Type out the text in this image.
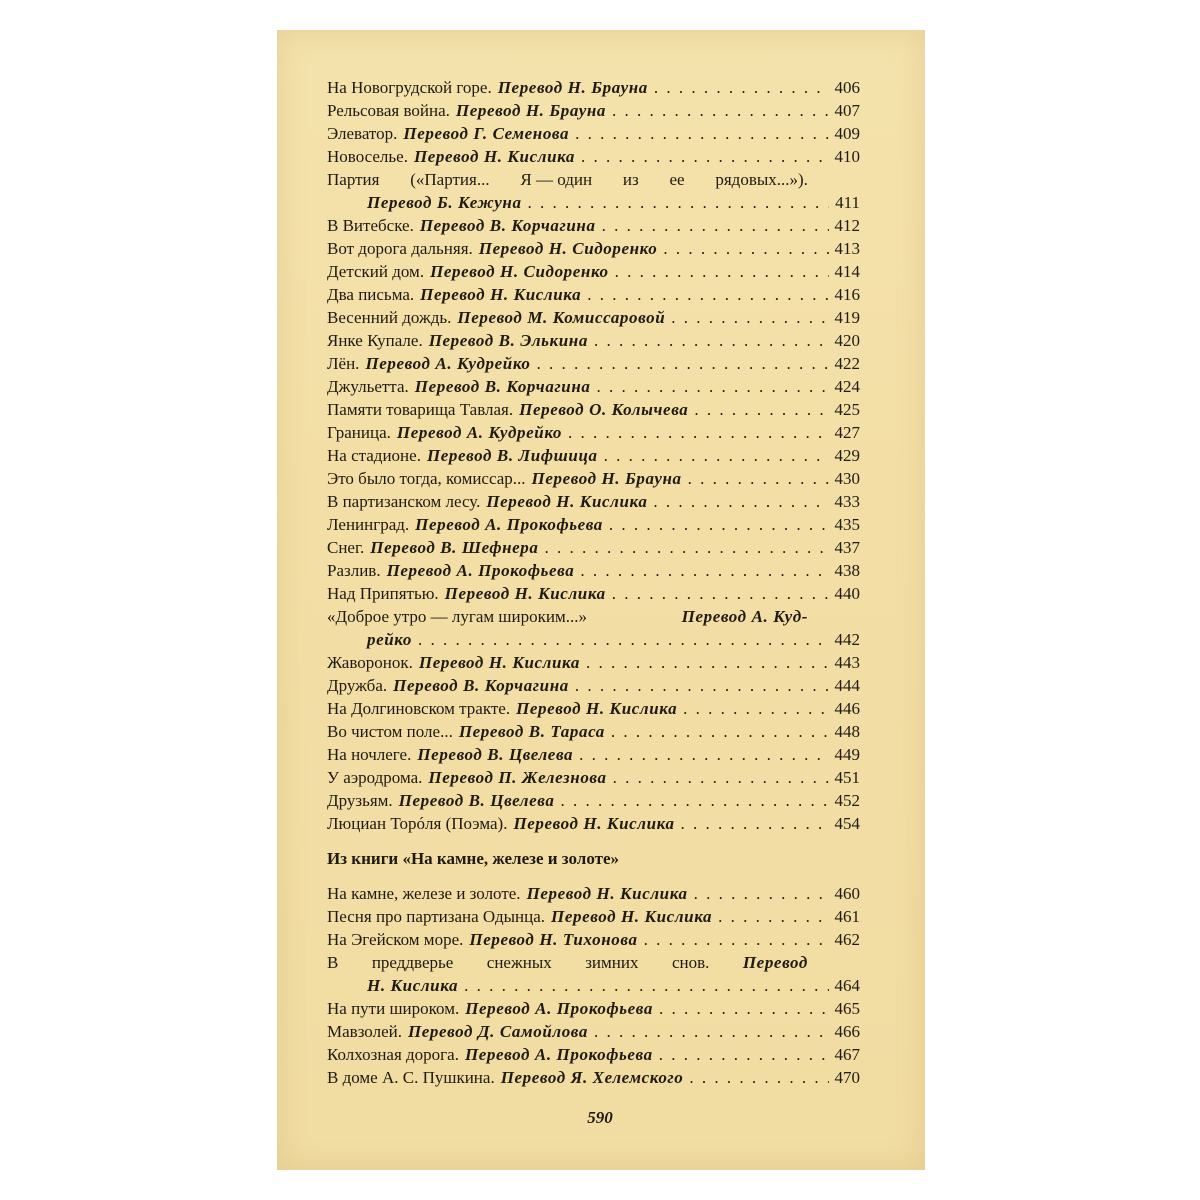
На Новогрудской горе. Перевод Н. Брауна . . .	406
Рельсовая война. Перевод Н. Брауна . . .	407
Элеватор. Перевод Г. Семенова . . .	409
Новоселье. Перевод Н. Кислика . . .	410
Партия («Партия... Я — один из ее рядовых...»).
Перевод Б. Кежуна . . .	411
В Витебске. Перевод В. Корчагина . . .	412
Вот дорога дальняя. Перевод Н. Сидоренко . . .	413
Детский дом. Перевод Н. Сидоренко . . .	414
Два письма. Перевод Н. Кислика . . .	416
Весенний дождь. Перевод М. Комиссаровой . . .	419
Янке Купале. Перевод В. Элькина . . .	420
Лён. Перевод А. Кудрейко . . .	422
Джульетта. Перевод В. Корчагина . . .	424
Памяти товарища Тавлая. Перевод О. Колычева . . .	425
Граница. Перевод А. Кудрейко . . .	427
На стадионе. Перевод В. Лифшица . . .	429
Это было тогда, комиссар... Перевод Н. Брауна . . .	430
В партизанском лесу. Перевод Н. Кислика . . .	433
Ленинград. Перевод А. Прокофьева . . .	435
Снег. Перевод В. Шефнера . . .	437
Разлив. Перевод А. Прокофьева . . .	438
Над Припятью. Перевод Н. Кислика . . .	440
«Доброе утро — лугам широким...»	Перевод А. Куд-
рейко . . .	442
Жаворонок. Перевод Н. Кислика . . .	443
Дружба. Перевод В. Корчагина . . .	444
На Долгиновском тракте. Перевод Н. Кислика . . .	446
Во чистом поле... Перевод В. Тараса . . .	448
На ночлеге. Перевод В. Цвелева . . .	449
У аэродрома. Перевод П. Железнова . . .	451
Друзьям. Перевод В. Цвелева . . .	452
Люциан Topóля (Поэма). Перевод Н. Кислика . . .	454
Из книги «На камне, железе и золоте»
На камне, железе и золоте. Перевод Н. Кислика . . .	460
Песня про партизана Одынца. Перевод Н. Кислика . . .	461
На Эгейском море. Перевод Н. Тихонова . . .	462
В преддверье снежных зимних снов. Перевод
Н. Кислика . . .	464
На пути широком. Перевод А. Прокофьева . . .	465
Мавзолей. Перевод Д. Самойлова . . .	466
Колхозная дорога. Перевод А. Прокофьева . . .	467
В доме А. С. Пушкина. Перевод Я. Хелемского . . .	470
590
